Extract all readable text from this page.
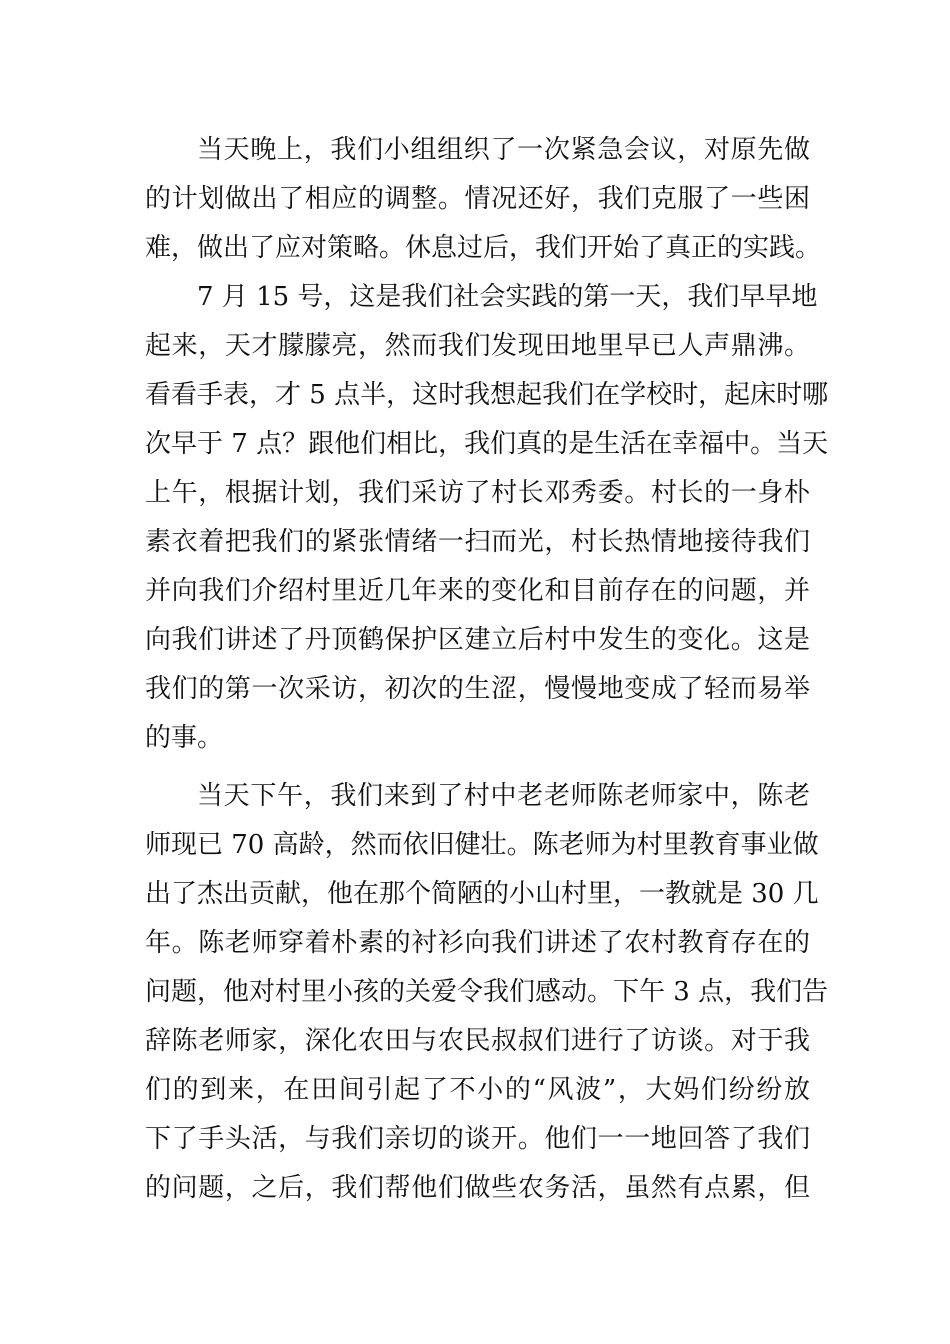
当天晚上，我们小组组织了一次紧急会议，对原先做

的计划做出了相应的调整。情况还好，我们克服了一些困

难，做出了应对策略。休息过后，我们开始了真正的实践。

7 月 15 号，这是我们社会实践的第一天，我们早早地

起来，天才朦朦亮，然而我们发现田地里早已人声鼎沸。

看看手表，才 5 点半，这时我想起我们在学校时，起床时哪

次早于 7 点？跟他们相比，我们真的是生活在幸福中。当天

上午，根据计划，我们采访了村长邓秀委。村长的一身朴

素衣着把我们的紧张情绪一扫而光，村长热情地接待我们

并向我们介绍村里近几年来的变化和目前存在的问题，并

向我们讲述了丹顶鹤保护区建立后村中发生的变化。这是

我们的第一次采访，初次的生涩，慢慢地变成了轻而易举

的事。

当天下午，我们来到了村中老老师陈老师家中，陈老

师现已 70 高龄，然而依旧健壮。陈老师为村里教育事业做

出了杰出贡献，他在那个简陋的小山村里，一教就是 30 几

年。陈老师穿着朴素的衬衫向我们讲述了农村教育存在的

问题，他对村里小孩的关爱令我们感动。下午 3 点，我们告

辞陈老师家，深化农田与农民叔叔们进行了访谈。对于我

们的到来，在田间引起了不小的“风波”，大妈们纷纷放

下了手头活，与我们亲切的谈开。他们一一地回答了我们

的问题，之后，我们帮他们做些农务活，虽然有点累，但
